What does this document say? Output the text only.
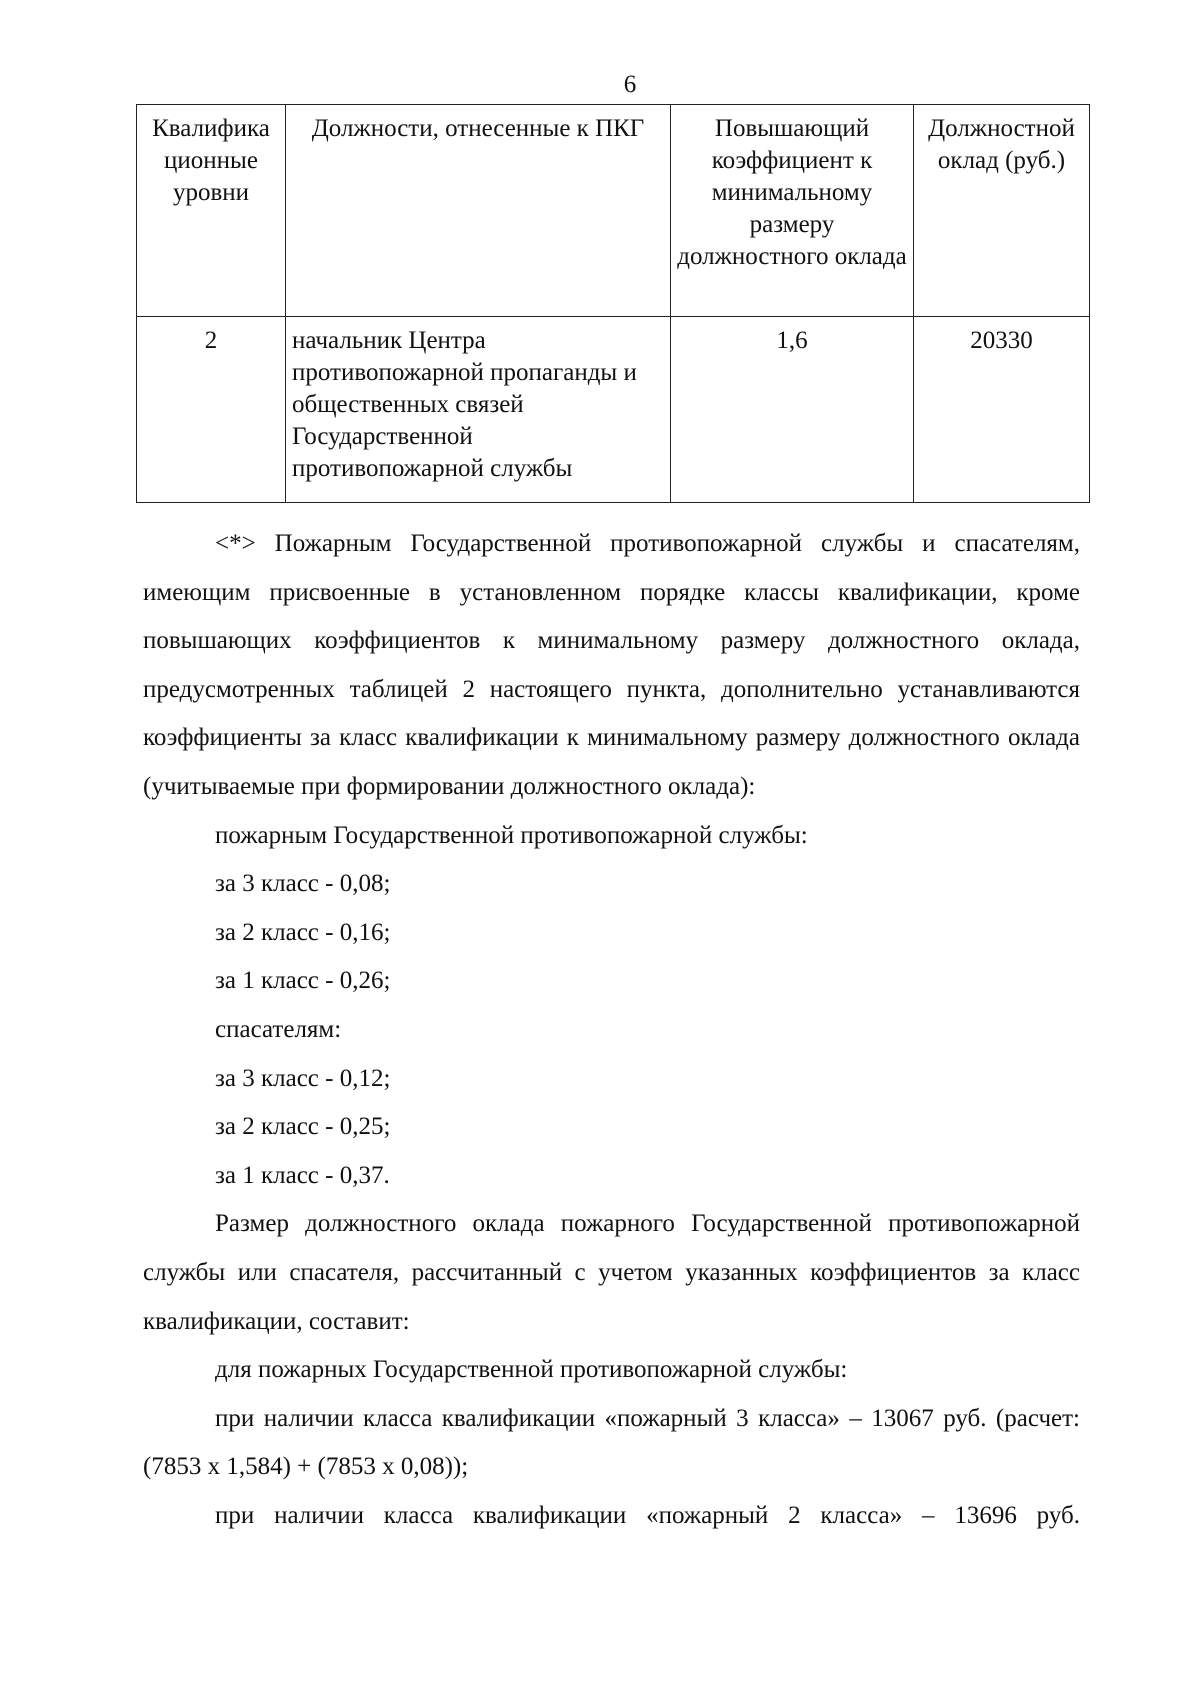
6
Квалифика ционные уровни	Должности, отнесенные к ПКГ	Повышающий коэффициент к минимальному размеру должностного оклада	Должностной оклад (руб.)
2	начальник Центра противопожарной пропаганды и общественных связей Государственной противопожарной службы	1,6	20330

<*> Пожарным Государственной противопожарной службы и спасателям, имеющим присвоенные в установленном порядке классы квалификации, кроме повышающих коэффициентов к минимальному размеру должностного оклада, предусмотренных таблицей 2 настоящего пункта, дополнительно устанавливаются коэффициенты за класс квалификации к минимальному размеру должностного оклада (учитываемые при формировании должностного оклада):

пожарным Государственной противопожарной службы:

за 3 класс - 0,08;

за 2 класс - 0,16;

за 1 класс - 0,26;

спасателям:

за 3 класс - 0,12;

за 2 класс - 0,25;

за 1 класс - 0,37.

Размер должностного оклада пожарного Государственной противопожарной службы или спасателя, рассчитанный с учетом указанных коэффициентов за класс квалификации, составит:

для пожарных Государственной противопожарной службы:

при наличии класса квалификации «пожарный 3 класса» – 13067 руб. (расчет: (7853 х 1,584) + (7853 х 0,08));

при наличии класса квалификации «пожарный 2 класса» – 13696 руб.
